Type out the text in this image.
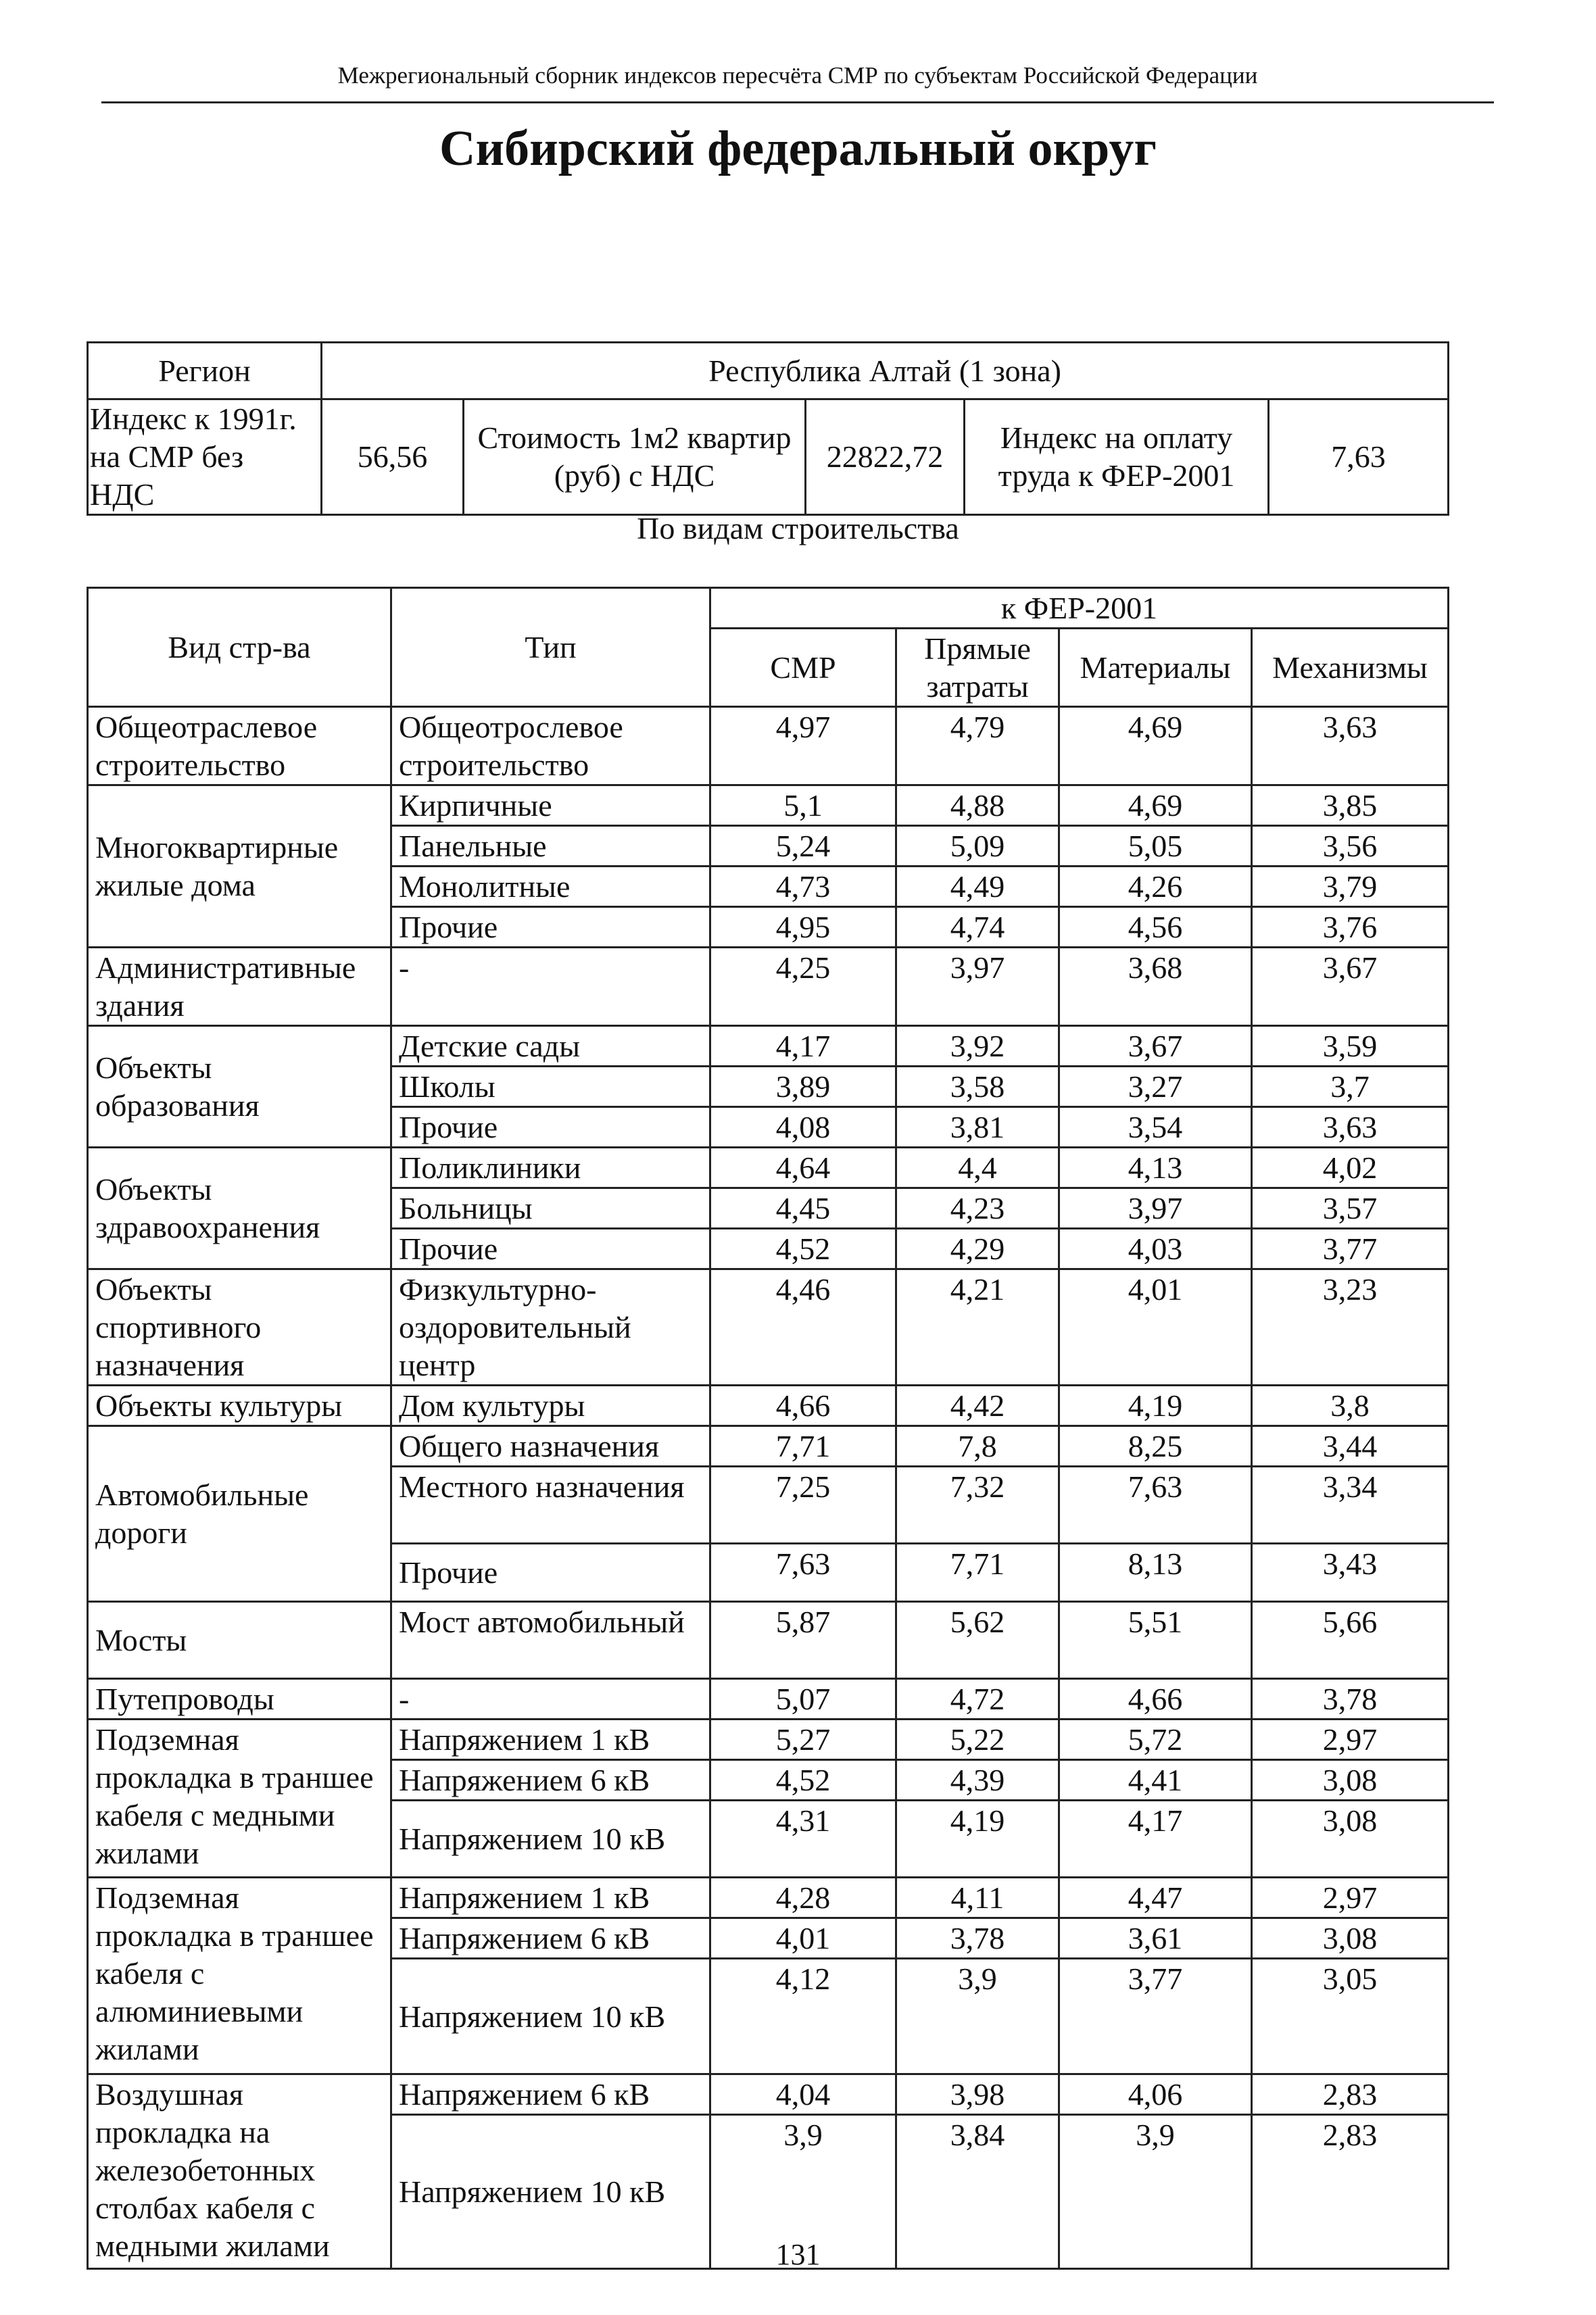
Межрегиональный сборник индексов пересчёта СМР по субъектам Российской Федерации
Сибирский федеральный округ
Регион	Республика Алтай (1 зона)				
Индекс к 1991г. на СМР без НДС	56,56	Стоимость 1м2 квартир (руб) с НДС	22822,72	Индекс на оплату труда к ФЕР-2001	7,63
По видам строительства
Вид стр-ва	Тип	к ФЕР-2001			
		СМР	Прямые затраты	Материалы	Механизмы
Общеотраслевое строительство	Общеотрослевое строительство	4,97	4,79	4,69	3,63
Многоквартирные жилые дома	Кирпичные	5,1	4,88	4,69	3,85
	Панельные	5,24	5,09	5,05	3,56
	Монолитные	4,73	4,49	4,26	3,79
	Прочие	4,95	4,74	4,56	3,76
Административные здания	-	4,25	3,97	3,68	3,67
Объекты образования	Детские сады	4,17	3,92	3,67	3,59
	Школы	3,89	3,58	3,27	3,7
	Прочие	4,08	3,81	3,54	3,63
Объекты здравоохранения	Поликлиники	4,64	4,4	4,13	4,02
	Больницы	4,45	4,23	3,97	3,57
	Прочие	4,52	4,29	4,03	3,77
Объекты спортивного назначения	Физкультурно-оздоровительный центр	4,46	4,21	4,01	3,23
Объекты культуры	Дом культуры	4,66	4,42	4,19	3,8
Автомобильные дороги	Общего назначения	7,71	7,8	8,25	3,44
	Местного назначения	7,25	7,32	7,63	3,34
	Прочие	7,63	7,71	8,13	3,43
Мосты	Мост автомобильный	5,87	5,62	5,51	5,66
Путепроводы	-	5,07	4,72	4,66	3,78
Подземная прокладка в траншее кабеля с медными жилами	Напряжением 1 кВ	5,27	5,22	5,72	2,97
	Напряжением 6 кВ	4,52	4,39	4,41	3,08
	Напряжением 10 кВ	4,31	4,19	4,17	3,08
Подземная прокладка в траншее кабеля с алюминиевыми жилами	Напряжением 1 кВ	4,28	4,11	4,47	2,97
	Напряжением 6 кВ	4,01	3,78	3,61	3,08
	Напряжением 10 кВ	4,12	3,9	3,77	3,05
Воздушная прокладка на железобетонных столбах кабеля с медными жилами	Напряжением 6 кВ	4,04	3,98	4,06	2,83
	Напряжением 10 кВ	3,9	3,84	3,9	2,83
131
